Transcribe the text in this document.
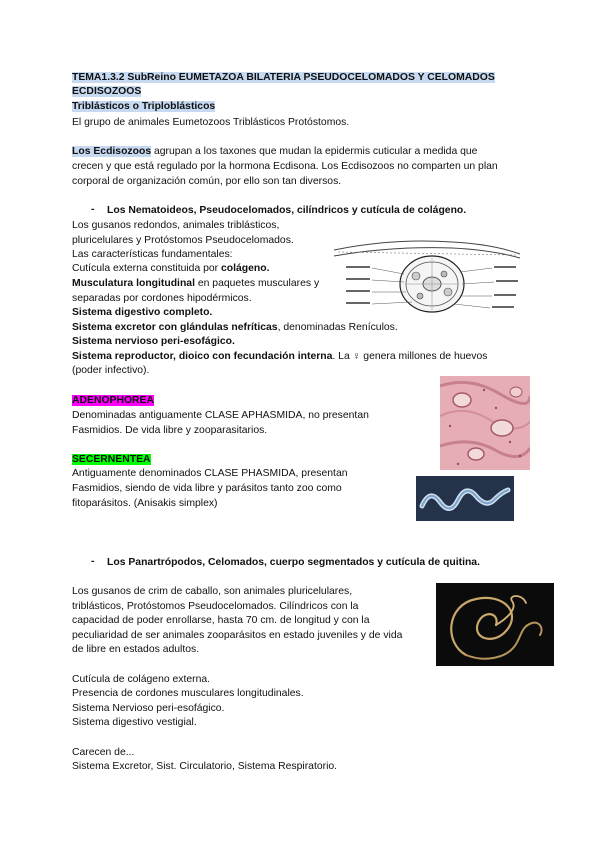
TEMA1.3.2 SubReino EUMETAZOA BILATERIA PSEUDOCELOMADOS Y CELOMADOS
ECDISOZOOS
Triblásticos o Triploblásticos
El grupo de animales Eumetozoos Triblásticos Protóstomos.
Los Ecdisozoos agrupan a los taxones que mudan la epidermis cuticular a medida que
crecen y que está regulado por la hormona Ecdisona. Los Ecdisozoos no comparten un plan
corporal de organización común, por ello son tan diversos.
- Los Nematoideos, Pseudocelomados, cilíndricos y cutícula de colágeno.
Los gusanos redondos, animales triblásticos,
pluricelulares y Protóstomos Pseudocelomados.
Las características fundamentales:
Cutícula externa constituida por colágeno.
Musculatura longitudinal en paquetes musculares y
separadas por cordones hipodérmicos.
Sistema digestivo completo.
Sistema excretor con glándulas nefríticas, denominadas Renículos.
Sistema nervioso peri-esofágico.
Sistema reproductor, dioico con fecundación interna. La ♀ genera millones de huevos
(poder infectivo).
ADENOPHOREA
Denominadas antiguamente CLASE APHASMIDA, no presentan
Fasmidios. De vida libre y zooparasitarios.
SECERNENTEA
Antiguamente denominados CLASE PHASMIDA, presentan
Fasmidios, siendo de vida libre y parásitos tanto zoo como
fitoparásitos. (Anisakis simplex)
- Los Panartrópodos, Celomados, cuerpo segmentados y cutícula de quitina.
Los gusanos de crim de caballo, son animales pluricelulares,
triblásticos, Protóstomos Pseudocelomados. Cilíndricos con la
capacidad de poder enrollarse, hasta 70 cm. de longitud y con la
peculiaridad de ser animales zooparásitos en estado juveniles y de vida
de libre en estados adultos.
Cutícula de colágeno externa.
Presencia de cordones musculares longitudinales.
Sistema Nervioso peri-esofágico.
Sistema digestivo vestigial.
Carecen de...
Sistema Excretor, Sist. Circulatorio, Sistema Respiratorio.
